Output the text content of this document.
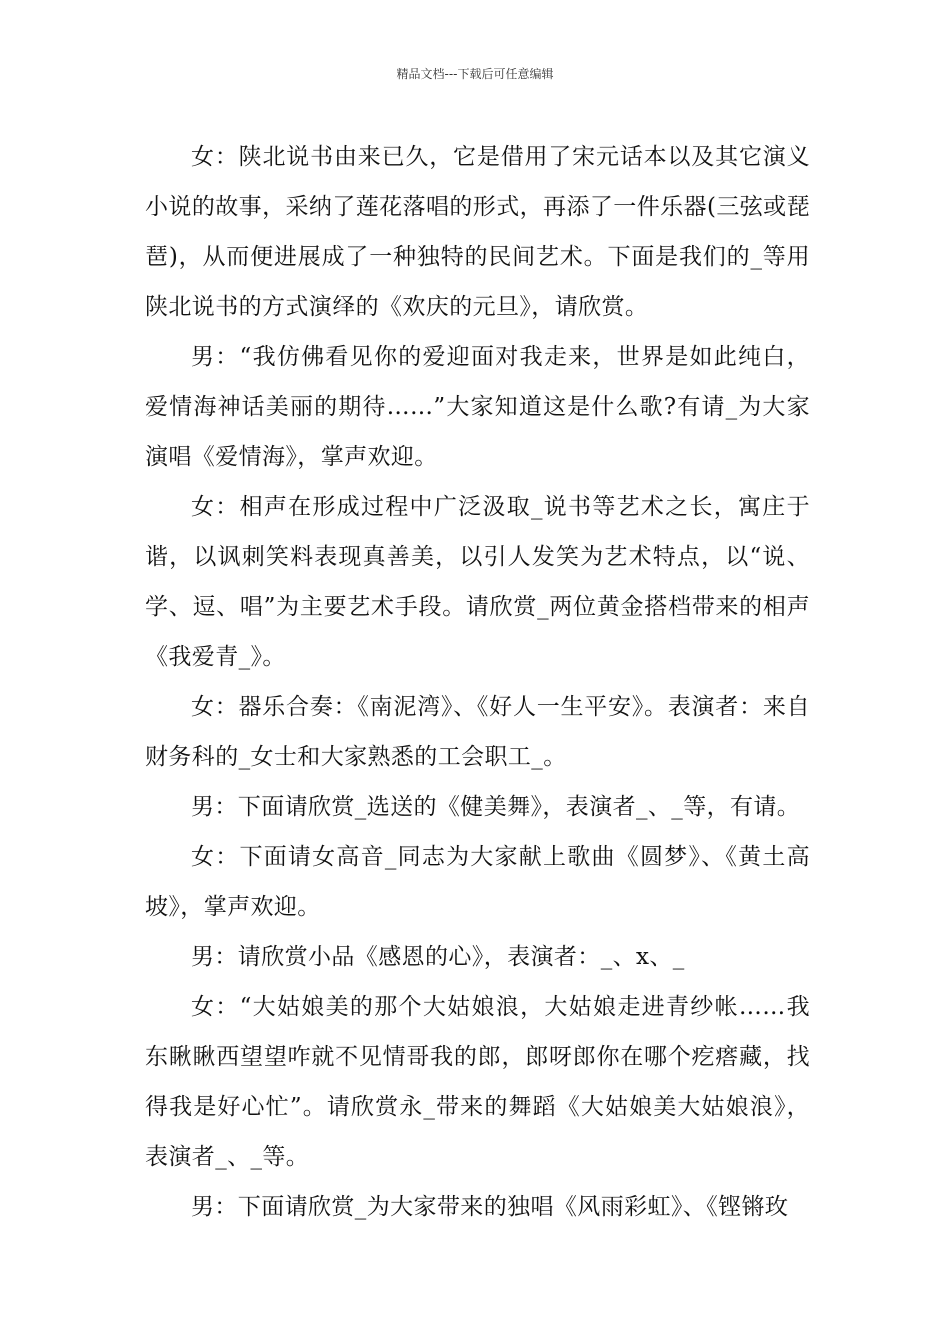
精品文档---下载后可任意编辑

女：陕北说书由来已久，它是借用了宋元话本以及其它演义小说的故事，采纳了莲花落唱的形式，再添了一件乐器(三弦或琵琶)，从而便进展成了一种独特的民间艺术。下面是我们的_等用陕北说书的方式演绎的《欢庆的元旦》，请欣赏。

男：“我仿佛看见你的爱迎面对我走来，世界是如此纯白，爱情海神话美丽的期待……”大家知道这是什么歌?有请_为大家演唱《爱情海》，掌声欢迎。

女：相声在形成过程中广泛汲取_说书等艺术之长，寓庄于谐，以讽刺笑料表现真善美，以引人发笑为艺术特点，以“说、学、逗、唱”为主要艺术手段。请欣赏_两位黄金搭档带来的相声《我爱青_》。

女：器乐合奏：《南泥湾》、《好人一生平安》。表演者：来自财务科的_女士和大家熟悉的工会职工_。

男：下面请欣赏_选送的《健美舞》，表演者_、_等，有请。

女：下面请女高音_同志为大家献上歌曲《圆梦》、《黄土高坡》，掌声欢迎。

男：请欣赏小品《感恩的心》，表演者：_、x、_

女：“大姑娘美的那个大姑娘浪，大姑娘走进青纱帐……我东瞅瞅西望望咋就不见情哥我的郎，郎呀郎你在哪个疙瘩藏，找得我是好心忙”。请欣赏永_带来的舞蹈《大姑娘美大姑娘浪》，表演者_、_等。

男：下面请欣赏_为大家带来的独唱《风雨彩虹》、《铿锵玫
